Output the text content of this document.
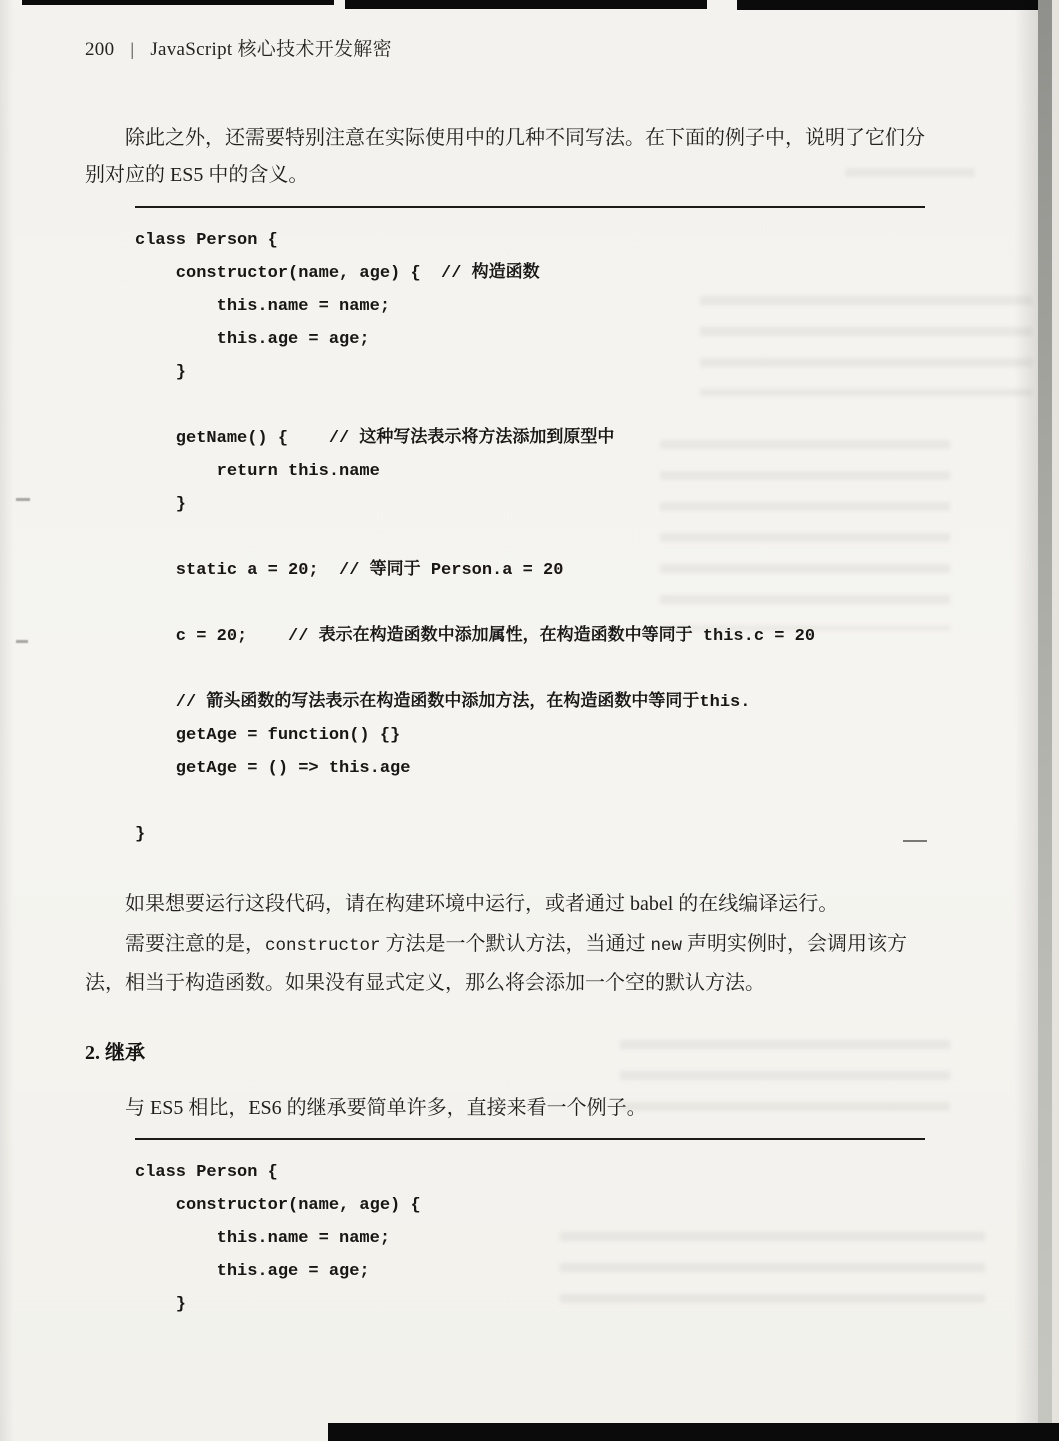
200 | JavaScript 核心技术开发解密
除此之外，还需要特别注意在实际使用中的几种不同写法。在下面的例子中，说明了它们分
别对应的 ES5 中的含义。
class Person {
constructor(name, age) {  // 构造函数
this.name = name;
this.age = age;
}
getName() {    // 这种写法表示将方法添加到原型中
return this.name
}
static a = 20;  // 等同于 Person.a = 20
c = 20;    // 表示在构造函数中添加属性，在构造函数中等同于 this.c = 20
// 箭头函数的写法表示在构造函数中添加方法，在构造函数中等同于this.
getAge = function() {}
getAge = () => this.age
}
如果想要运行这段代码，请在构建环境中运行，或者通过 babel 的在线编译运行。
需要注意的是，constructor 方法是一个默认方法，当通过 new 声明实例时，会调用该方
法，相当于构造函数。如果没有显式定义，那么将会添加一个空的默认方法。
2. 继承
与 ES5 相比，ES6 的继承要简单许多，直接来看一个例子。
class Person {
constructor(name, age) {
this.name = name;
this.age = age;
}
